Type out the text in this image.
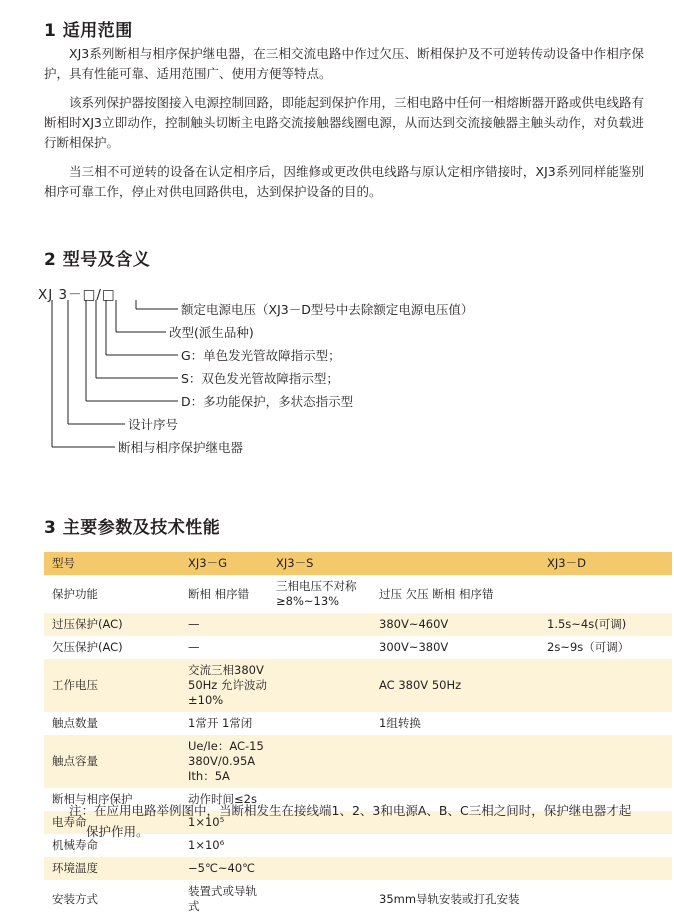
1 适用范围

XJ3系列断相与相序保护继电器，在三相交流电路中作过欠压、断相保护及不可逆转传动设备中作相序保护，具有性能可靠、适用范围广、使用方便等特点。

该系列保护器按图接入电源控制回路，即能起到保护作用，三相电路中任何一相熔断器开路或供电线路有断相时XJ3立即动作，控制触头切断主电路交流接触器线圈电源，从而达到交流接触器主触头动作，对负载进行断相保护。

当三相不可逆转的设备在认定相序后，因维修或更改供电线路与原认定相序错接时，XJ3系列同样能鉴别相序可靠工作，停止对供电回路供电，达到保护设备的目的。

2 型号及含义
XJ 3－□/□
额定电源电压（XJ3－D型号中去除额定电源电压值）
改型(派生品种)
G：单色发光管故障指示型；
S：双色发光管故障指示型；
D：多功能保护，多状态指示型
设计序号
断相与相序保护继电器
3 主要参数及技术性能
型号	XJ3－G	XJ3－S		XJ3－D
保护功能	断相 相序错	三相电压不对称≥8%~13%	过压 欠压 断相 相序错	
过压保护(AC)	—		380V~460V	1.5s~4s(可调)
欠压保护(AC)	—		300V~380V	2s~9s（可调）
工作电压	交流三相380V 50Hz 允许波动±10%		AC 380V 50Hz	
触点数量	1常开 1常闭		1组转换	
触点容量	Ue/Ie：AC-15 380V/0.95A Ith：5A			
断相与相序保护	动作时间≤2s			
电寿命	1×10⁵			
机械寿命	1×10⁶			
环境温度	−5℃~40℃			
安装方式	装置式或导轨式		35mm导轨安装或打孔安装	
注：在应用电路举例图中，当断相发生在接线端1、2、3和电源A、B、C三相之间时，保护继电器才起
保护作用。
